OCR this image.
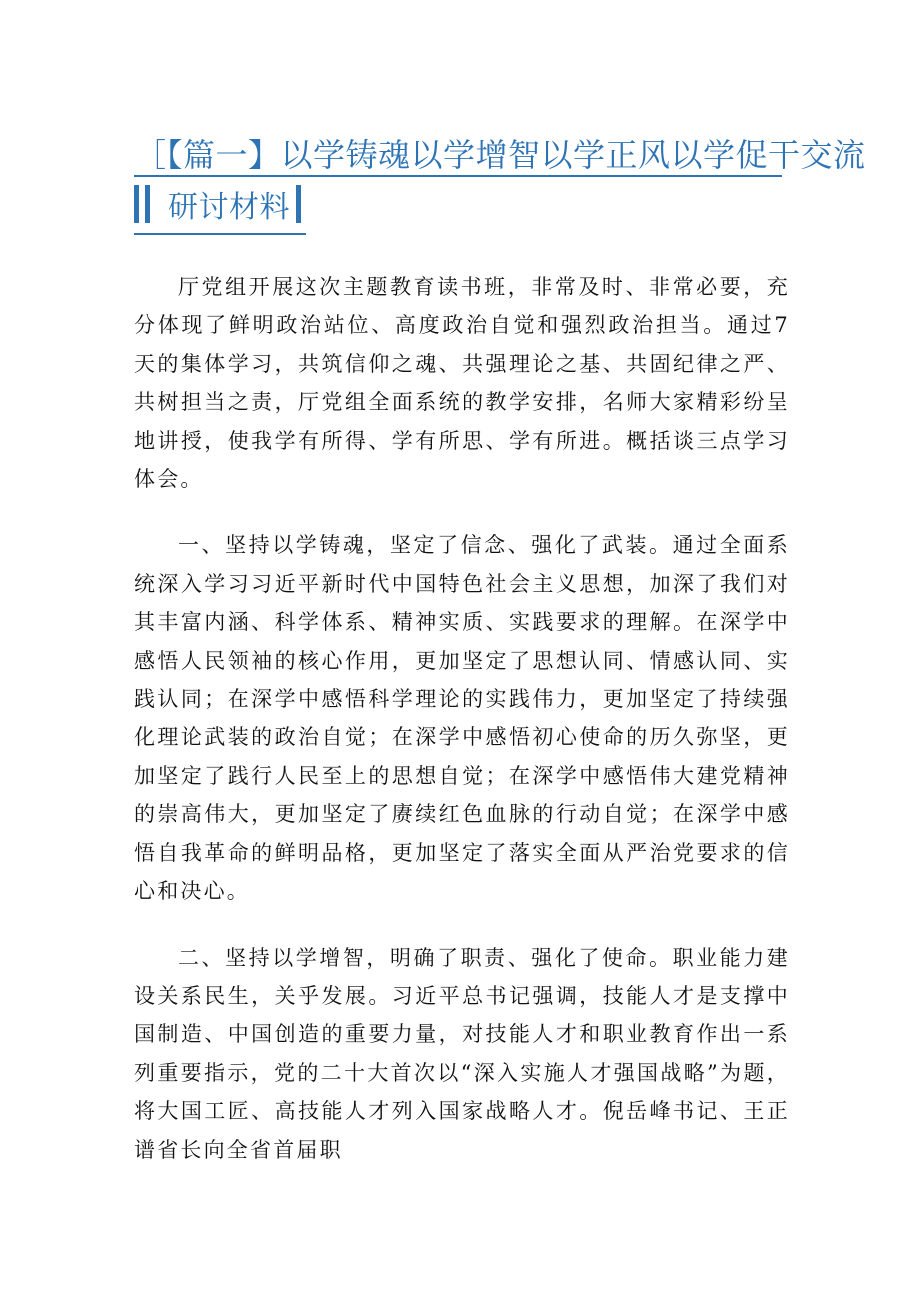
［【篇一】以学铸魂以学增智以学正风以学促干交流
研讨材料

厅党组开展这次主题教育读书班，非常及时、非常必要，充分体现了鲜明政治站位、高度政治自觉和强烈政治担当。通过7天的集体学习，共筑信仰之魂、共强理论之基、共固纪律之严、共树担当之责，厅党组全面系统的教学安排，名师大家精彩纷呈地讲授，使我学有所得、学有所思、学有所进。概括谈三点学习体会。

一、坚持以学铸魂，坚定了信念、强化了武装。通过全面系统深入学习习近平新时代中国特色社会主义思想，加深了我们对其丰富内涵、科学体系、精神实质、实践要求的理解。在深学中感悟人民领袖的核心作用，更加坚定了思想认同、情感认同、实践认同；在深学中感悟科学理论的实践伟力，更加坚定了持续强化理论武装的政治自觉；在深学中感悟初心使命的历久弥坚，更加坚定了践行人民至上的思想自觉；在深学中感悟伟大建党精神的崇高伟大，更加坚定了赓续红色血脉的行动自觉；在深学中感悟自我革命的鲜明品格，更加坚定了落实全面从严治党要求的信心和决心。

二、坚持以学增智，明确了职责、强化了使命。职业能力建设关系民生，关乎发展。习近平总书记强调，技能人才是支撑中国制造、中国创造的重要力量，对技能人才和职业教育作出一系列重要指示，党的二十大首次以“深入实施人才强国战略”为题，将大国工匠、高技能人才列入国家战略人才。倪岳峰书记、王正谱省长向全省首届职
